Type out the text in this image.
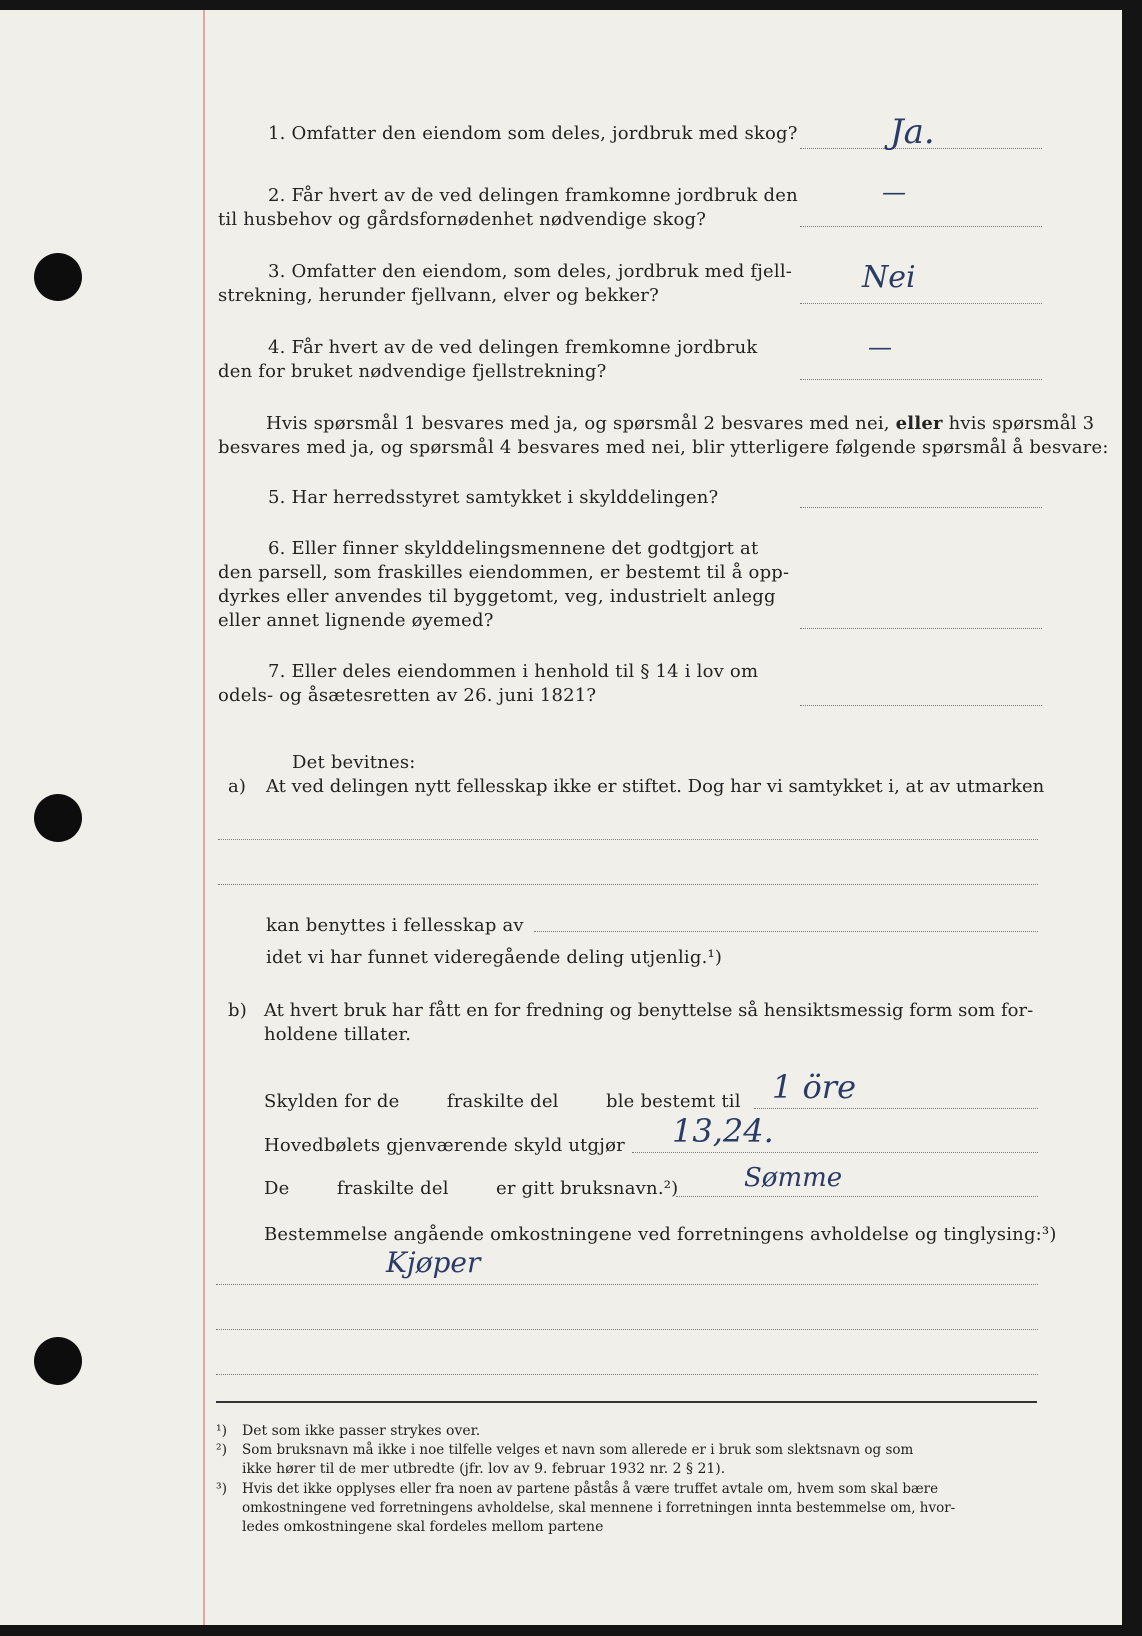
1. Omfatter den eiendom som deles, jordbruk med skog?	Ja.
2. Får hvert av de ved delingen framkomne jordbruk den
til husbehov og gårdsfornødenhet nødvendige skog?
—
3. Omfatter den eiendom, som deles, jordbruk med fjell-
strekning, herunder fjellvann, elver og bekker?
Nei
4. Får hvert av de ved delingen fremkomne jordbruk
den for bruket nødvendige fjellstrekning?
—
Hvis spørsmål 1 besvares med ja, og spørsmål 2 besvares med nei, eller hvis spørsmål 3
besvares med ja, og spørsmål 4 besvares med nei, blir ytterligere følgende spørsmål å besvare:
5. Har herredsstyret samtykket i skylddelingen?
6. Eller finner skylddelingsmennene det godtgjort at
den parsell, som fraskilles eiendommen, er bestemt til å opp-
dyrkes eller anvendes til byggetomt, veg, industrielt anlegg
eller annet lignende øyemed?
7. Eller deles eiendommen i henhold til § 14 i lov om
odels- og åsætesretten av 26. juni 1821?
Det bevitnes:
a) At ved delingen nytt fellesskap ikke er stiftet. Dog har vi samtykket i, at av utmarken
kan benyttes i fellesskap av
idet vi har funnet videregående deling utjenlig.¹)
b) At hvert bruk har fått en for fredning og benyttelse så hensiktsmessig form som for-
holdene tillater.
Skylden for de        fraskilte del        ble bestemt til 1 öre
Hovedbølets gjenværende skyld utgjør 13,24.
De        fraskilte del        er gitt bruksnavn.²)	Sømme
Bestemmelse angående omkostningene ved forretningens avholdelse og tinglysing:³)
Kjøper
¹) Det som ikke passer strykes over.
²) Som bruksnavn må ikke i noe tilfelle velges et navn som allerede er i bruk som slektsnavn og som
ikke hører til de mer utbredte (jfr. lov av 9. februar 1932 nr. 2 § 21).
³) Hvis det ikke opplyses eller fra noen av partene påstås å være truffet avtale om, hvem som skal bære
omkostningene ved forretningens avholdelse, skal mennene i forretningen innta bestemmelse om, hvor-
ledes omkostningene skal fordeles mellom partene
